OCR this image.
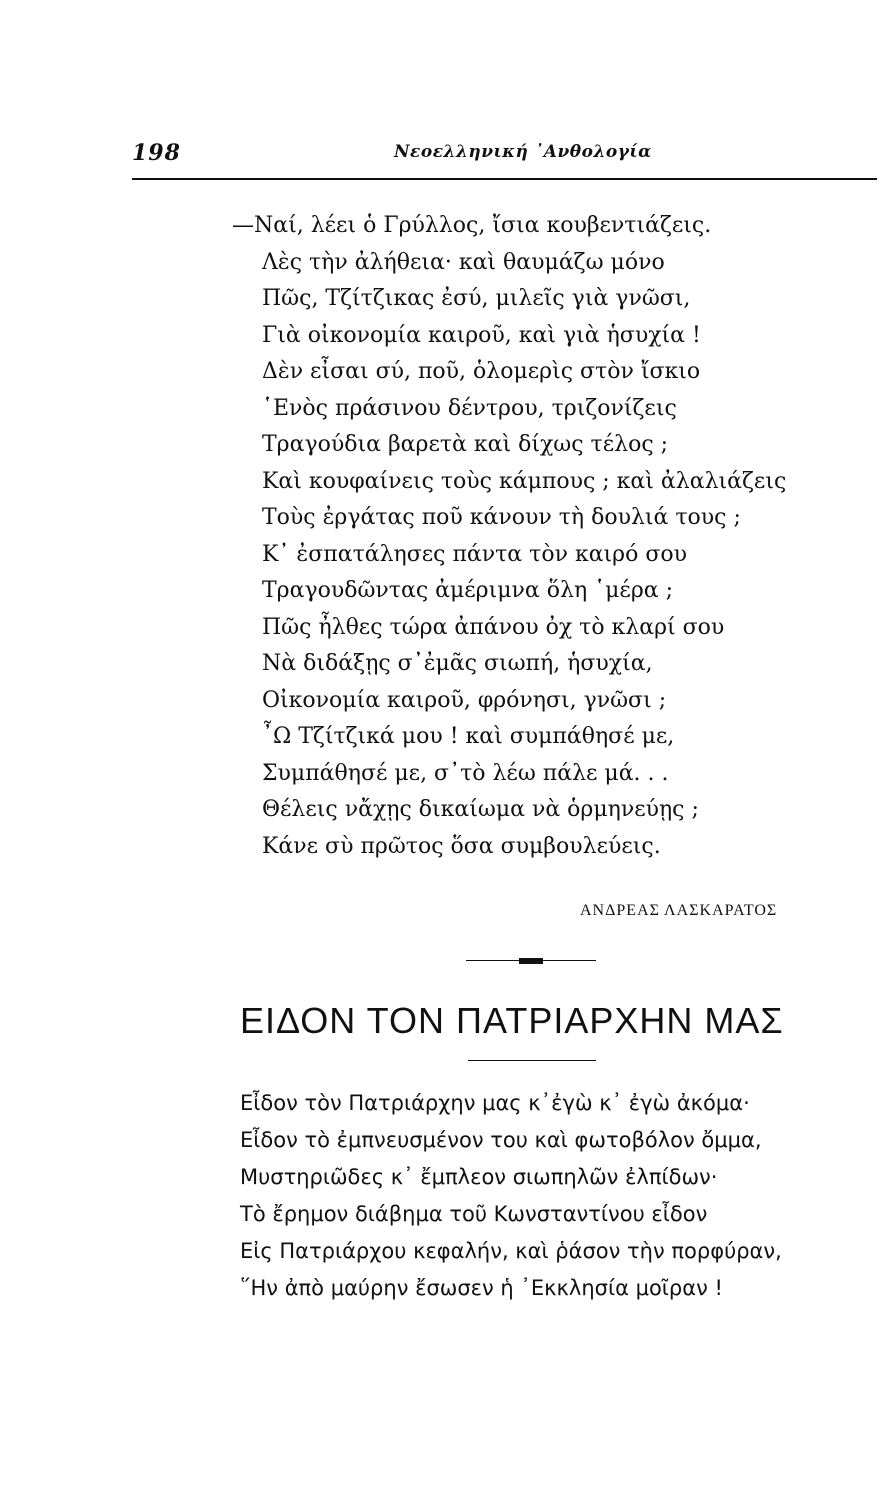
198	Νεοελληνική ᾿Ανθολογία
—Ναί, λέει ὁ Γρύλλος, ἴσια κουβεντιάζεις.
Λὲς τὴν ἀλήθεια· καὶ θαυμάζω μόνο
Πῶς, Τζίτζικας ἐσύ, μιλεῖς γιὰ γνῶσι,
Γιὰ οἰκονομία καιροῦ, καὶ γιὰ ἡσυχία !
Δὲν εἶσαι σύ, ποῦ, ὁλομερὶς στὸν ἴσκιο
῾Ενὸς πράσινου δέντρου, τριζονίζεις
Τραγούδια βαρετὰ καὶ δίχως τέλος ;
Καὶ κουφαίνεις τοὺς κάμπους ; καὶ ἀλαλιάζεις
Τοὺς ἐργάτας ποῦ κάνουν τὴ δουλιά τους ;
Κ᾿ ἐσπατάλησες πάντα τὸν καιρό σου
Τραγουδῶντας ἀμέριμνα ὅλη ῾μέρα ;
Πῶς ἦλθες τώρα ἀπάνου ὀχ τὸ κλαρί σου
Νὰ διδάξῃς σ᾿ἐμᾶς σιωπή, ἡσυχία,
Οἰκονομία καιροῦ, φρόνησι, γνῶσι ;
῏Ω Τζίτζικά μου ! καὶ συμπάθησέ με,
Συμπάθησέ με, σ᾿τὸ λέω πάλε μά. . .
Θέλεις νἄχῃς δικαίωμα νὰ ὁρμηνεύῃς ;
Κάνε σὺ πρῶτος ὅσα συμβουλεύεις.
ΑΝΔΡΕΑΣ ΛΑΣΚΑΡΑΤΟΣ
ΕΙΔΟΝ ΤΟΝ ΠΑΤΡΙΑΡΧΗΝ ΜΑΣ
Εἶδον τὸν Πατριάρχην μας κ᾿ἐγὼ κ᾿ ἐγὼ ἀκόμα·
Εἶδον τὸ ἐμπνευσμένον του καὶ φωτοβόλον ὄμμα,
Μυστηριῶδες κ᾿ ἔμπλεον σιωπηλῶν ἐλπίδων·
Τὸ ἔρημον διάβημα τοῦ Κωνσταντίνου εἶδον
Εἰς Πατριάρχου κεφαλήν, καὶ ῥάσον τὴν πορφύραν,
῞Ην ἀπὸ μαύρην ἔσωσεν ἡ ᾿Εκκλησία μοῖραν !
